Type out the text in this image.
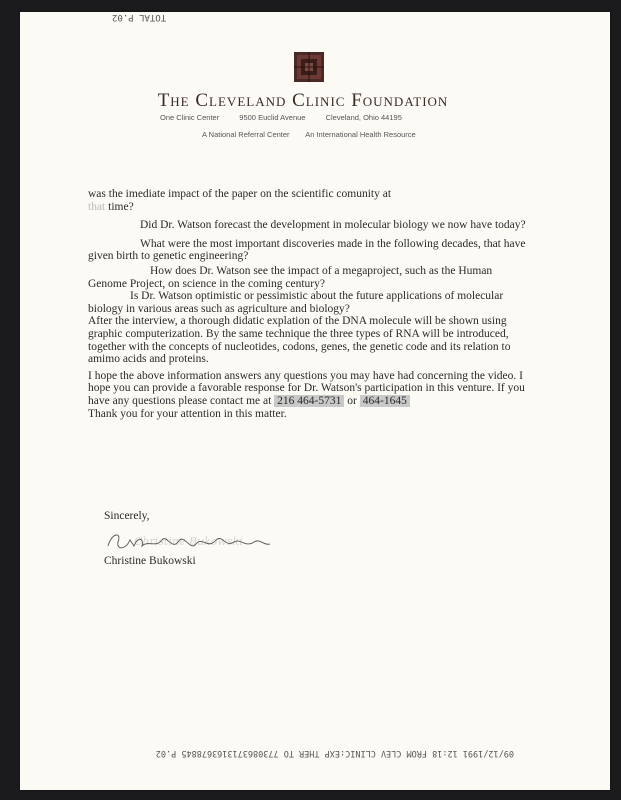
TOTAL P.02
The Cleveland Clinic Foundation
One Clinic Center	9500 Euclid Avenue	Cleveland, Ohio 44195
A National Referral Center An International Health Resource

was the imediate impact of the paper on the scientific comunity at
that time?

Did Dr. Watson forecast the development in molecular biology we now have today?

What were the most important discoveries made in the following decades, that have given birth to genetic engineering?

How does Dr. Watson see the impact of a megaproject, such as the Human Genome Project, on science in the coming century?

Is Dr. Watson optimistic or pessimistic about the future applications of molecular biology in various areas such as agriculture and biology?

After the interview, a thorough didatic explation of the DNA molecule will be shown using graphic computerization. By the same technique the three types of RNA will be introduced, together with the concepts of nucleotides, codons, genes, the genetic code and its relation to amimo acids and proteins.

I hope the above information answers any questions you may have had concerning the video. I hope you can provide a favorable response for Dr. Watson's participation in this venture. If you have any questions please contact me at 216 464-5731 or 464-1645
Thank you for your attention in this matter.

Sincerely,
Christine Bukowski
Christine Bukowski
09/12/1991 12:18 FROM CLEV CLINIC:EXP THER TO 7730863713163678845 P.02
